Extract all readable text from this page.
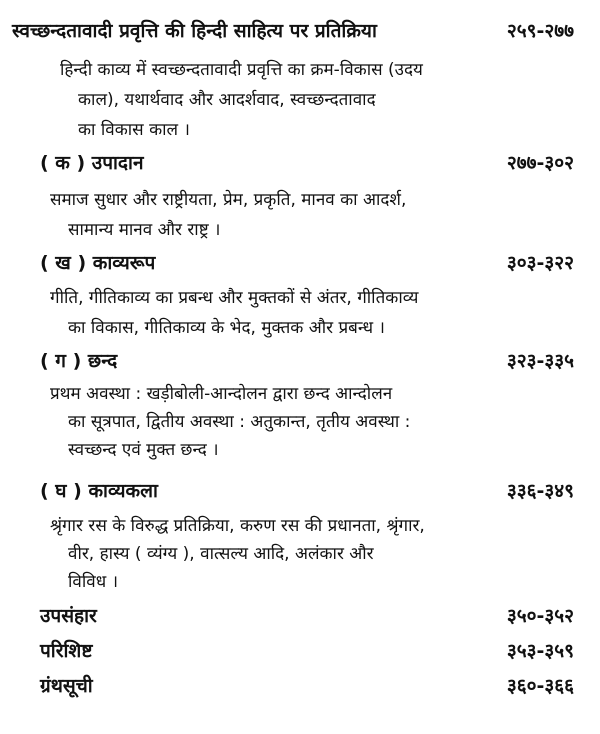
स्वच्छन्दतावादी प्रवृत्ति की हिन्दी साहित्य पर प्रतिक्रिया	२५९-२७७
हिन्दी काव्य में स्वच्छन्दतावादी प्रवृत्ति का क्रम-विकास (उदय
काल), यथार्थवाद और आदर्शवाद, स्वच्छन्दतावाद
का विकास काल ।
( क ) उपादान	२७७-३०२
समाज सुधार और राष्ट्रीयता, प्रेम, प्रकृति, मानव का आदर्श,
सामान्य मानव और राष्ट्र ।
( ख ) काव्यरूप	३०३-३२२
गीति, गीतिकाव्य का प्रबन्ध और मुक्तकों से अंतर, गीतिकाव्य
का विकास, गीतिकाव्य के भेद, मुक्तक और प्रबन्ध ।
( ग ) छन्द	३२३-३३५
प्रथम अवस्था : खड़ीबोली-आन्दोलन द्वारा छन्द आन्दोलन
का सूत्रपात, द्वितीय अवस्था : अतुकान्त, तृतीय अवस्था :
स्वच्छन्द एवं मुक्त छन्द ।
( घ ) काव्यकला	३३६-३४९
श्रृंगार रस के विरुद्ध प्रतिक्रिया, करुण रस की प्रधानता, श्रृंगार,
वीर, हास्य ( व्यंग्य ), वात्सल्य आदि, अलंकार और
विविध ।
उपसंहार	३५०-३५२
परिशिष्ट	३५३-३५९
ग्रंथसूची	३६०-३६६
